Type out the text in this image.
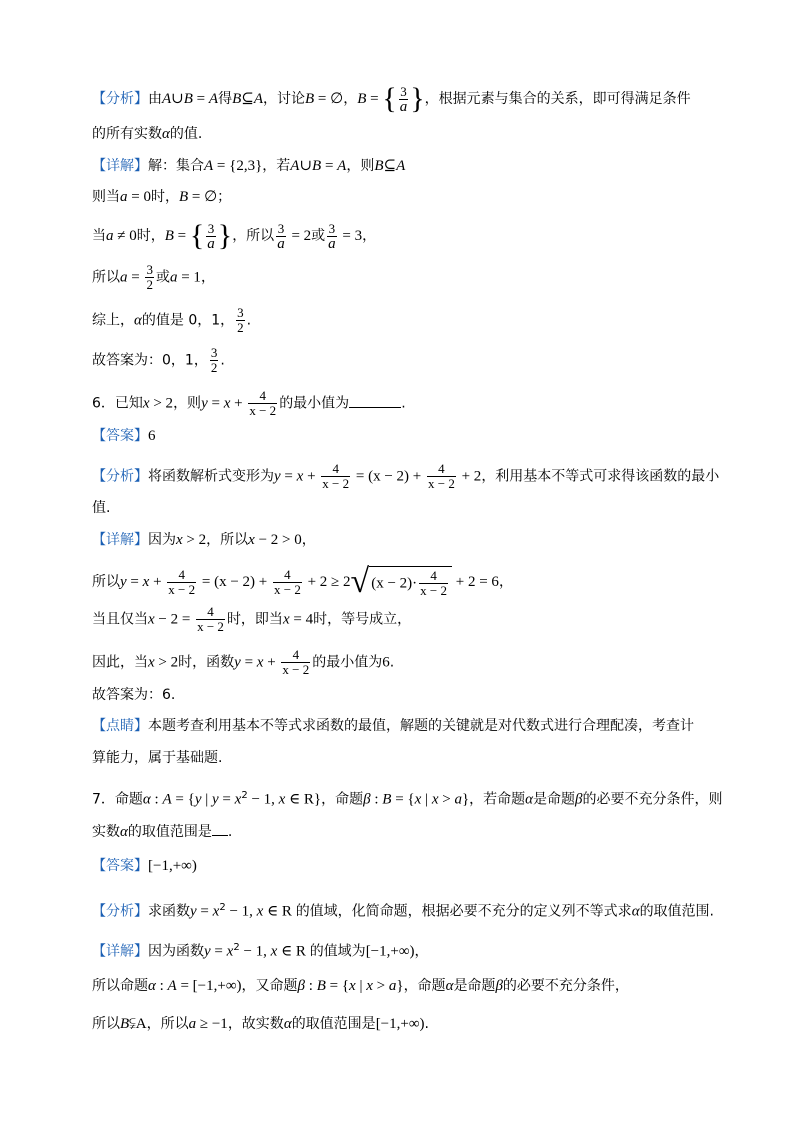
【分析】由A∪B = A得B⊆A，讨论B = ∅，B = { $\frac{3}{a}$ }，根据元素与集合的关系，即可得满足条件
的所有实数α的值.
【详解】解：集合A = {2,3}，若A∪B = A，则B⊆A
则当a = 0时，B = ∅；
当a ≠ 0时，B = { $\frac{3}{a}$ }，所以 $\frac{3}{a} = 2$或 $\frac{3}{a} = 3$，
所以$a = \frac{3}{2}$ 或a = 1，
综上，α的值是 0，1， $\frac{3}{2}$ .
故答案为：0，1， $\frac{3}{2}$ .
6．已知x > 2，则$y = x + \frac{4}{x - 2}$ 的最小值为	.
【答案】6
【分析】将函数解析式变形为$y = x + \frac{4}{x - 2} = (x - 2) + \frac{4}{x - 2} + 2$，利用基本不等式可求得该函数的最小
值.
【详解】因为x > 2，所以x − 2 > 0，
所以$y = x + \frac{4}{x - 2} = (x - 2) + \frac{4}{x - 2} + 2 \ge 2√$ $(x - 2)\cdot \frac{4}{x - 2} + 2 = 6$，
当且仅当$x - 2 = \frac{4}{x - 2}$ 时，即当x = 4时，等号成立，
因此，当x > 2时，函数$y = x + \frac{4}{x - 2}$ 的最小值为6.
故答案为：6.
【点睛】本题考查利用基本不等式求函数的最值，解题的关键就是对代数式进行合理配凑，考查计
算能力，属于基础题.
7．命题α : A = {y | $y = x^2 - 1$, x ∈ R}，命题β : B = {x | x > a}，若命题α是命题β的必要不充分条件，则
实数α的取值范围是 .
【答案】[−1,+∞)
【分析】求函数$y = x^2 - 1$, x ∈ R 的值域，化简命题，根据必要不充分的定义列不等式求α的取值范围.
【详解】因为函数$y = x^2 - 1$, x ∈ R 的值域为[−1,+∞)，
所以命题α : A = [−1,+∞)，又命题β : B = {x | x > a}，命题α是命题β的必要不充分条件，
所以B⫋A，所以a ≥ −1，故实数α的取值范围是[−1,+∞).
